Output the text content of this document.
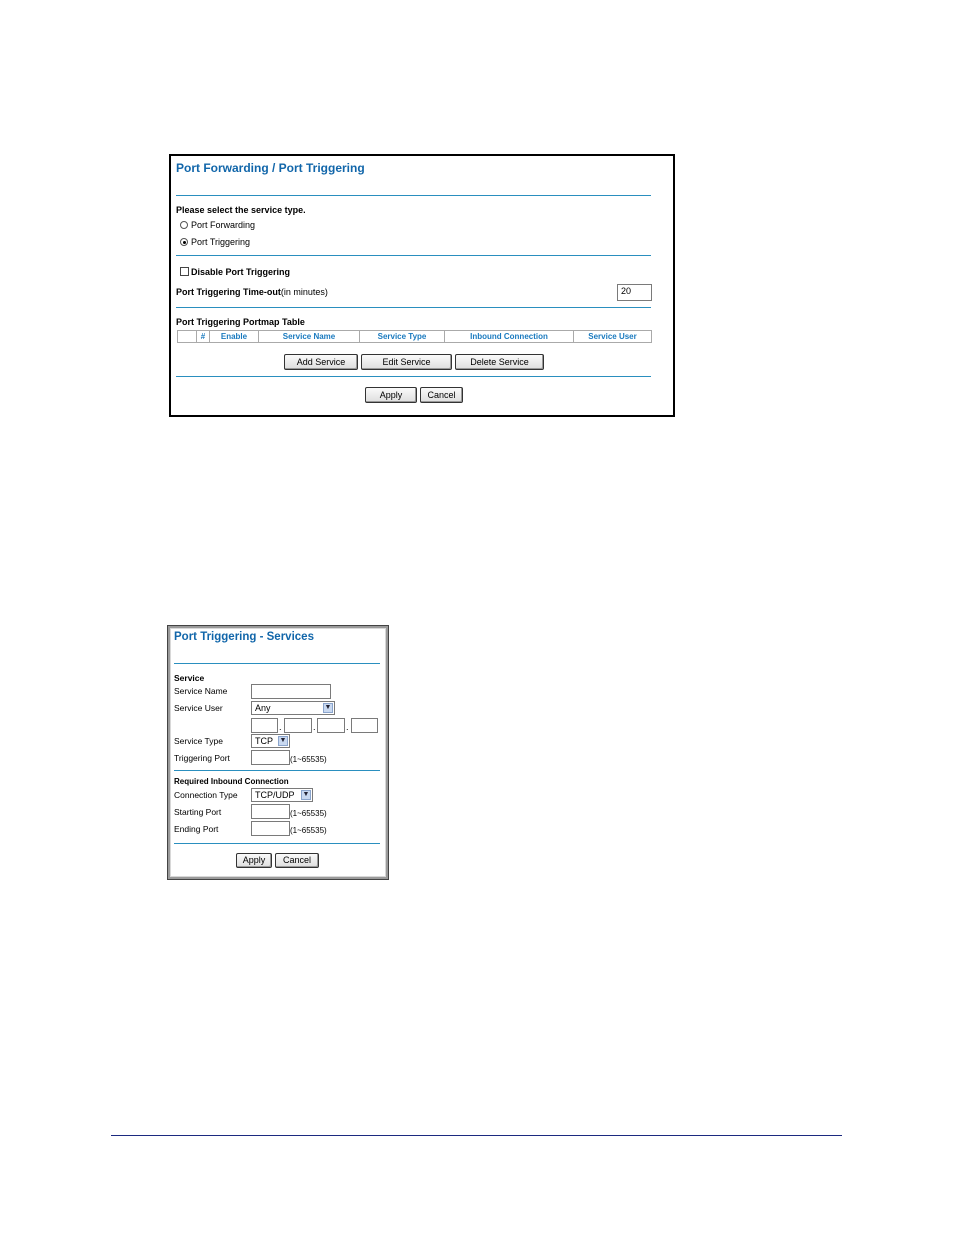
Port Forwarding / Port Triggering
Please select the service type.
Port Forwarding
Port Triggering
Disable Port Triggering
Port Triggering Time-out(in minutes)	20
Port Triggering Portmap Table
	#	Enable	Service Name	Service Type	Inbound Connection	Service User
Add Service	Edit Service	Delete Service
Apply	Cancel
Port Triggering - Services
Service
Service Name
Service User	Any	▼
.	.	.
Service Type	TCP ▼
Triggering Port	(1~65535)
Required Inbound Connection
Connection Type	TCP/UDP ▼
Starting Port	(1~65535)
Ending Port	(1~65535)
Apply	Cancel
